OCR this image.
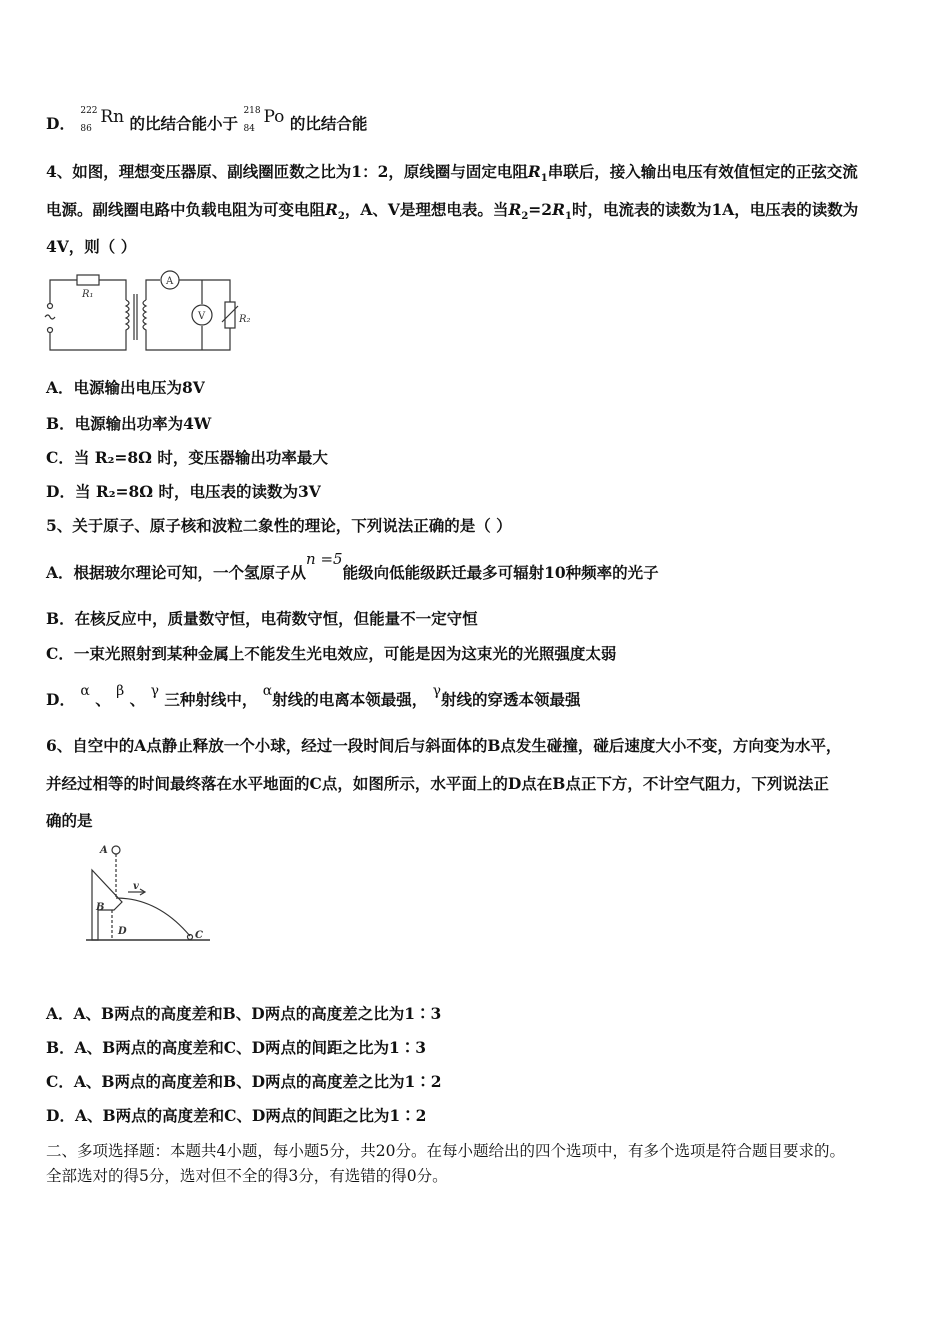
D．
222
86
Rn 的比结合能小于
218
84
Po 的比结合能
4、如图，理想变压器原、副线圈匝数之比为1：2，原线圈与固定电阻$R_1$串联后，接入输出电压有效值恒定的正弦交流
电源。副线圈电路中负载电阻为可变电阻$R_2$，A、V是理想电表。当$R_2=2R_1$时，电流表的读数为1A，电压表的读数为
4V，则（ ）
R₁
A
V	R₂
A．电源输出电压为8V
B．电源输出功率为4W
C．当 R₂=8Ω 时，变压器输出功率最大
D．当 R₂=8Ω 时，电压表的读数为3V
5、关于原子、原子核和波粒二象性的理论，下列说法正确的是（ ）
A．根据玻尔理论可知，一个氢原子从n =5能级向低能级跃迁最多可辐射10种频率的光子
B．在核反应中，质量数守恒，电荷数守恒，但能量不一定守恒
C．一束光照射到某种金属上不能发生光电效应，可能是因为这束光的光照强度太弱
D． α 、 β 、 γ 三种射线中， α射线的电离本领最强， γ射线的穿透本领最强
6、自空中的A点静止释放一个小球，经过一段时间后与斜面体的B点发生碰撞，碰后速度大小不变，方向变为水平，
并经过相等的时间最终落在水平地面的C点，如图所示，水平面上的D点在B点正下方，不计空气阻力，下列说法正
确的是
A
B
D	C
v
A．A、B两点的高度差和B、D两点的高度差之比为1∶3
B．A、B两点的高度差和C、D两点的间距之比为1∶3
C．A、B两点的高度差和B、D两点的高度差之比为1∶2
D．A、B两点的高度差和C、D两点的间距之比为1∶2
二、多项选择题：本题共4小题，每小题5分，共20分。在每小题给出的四个选项中，有多个选项是符合题目要求的。
全部选对的得5分，选对但不全的得3分，有选错的得0分。
